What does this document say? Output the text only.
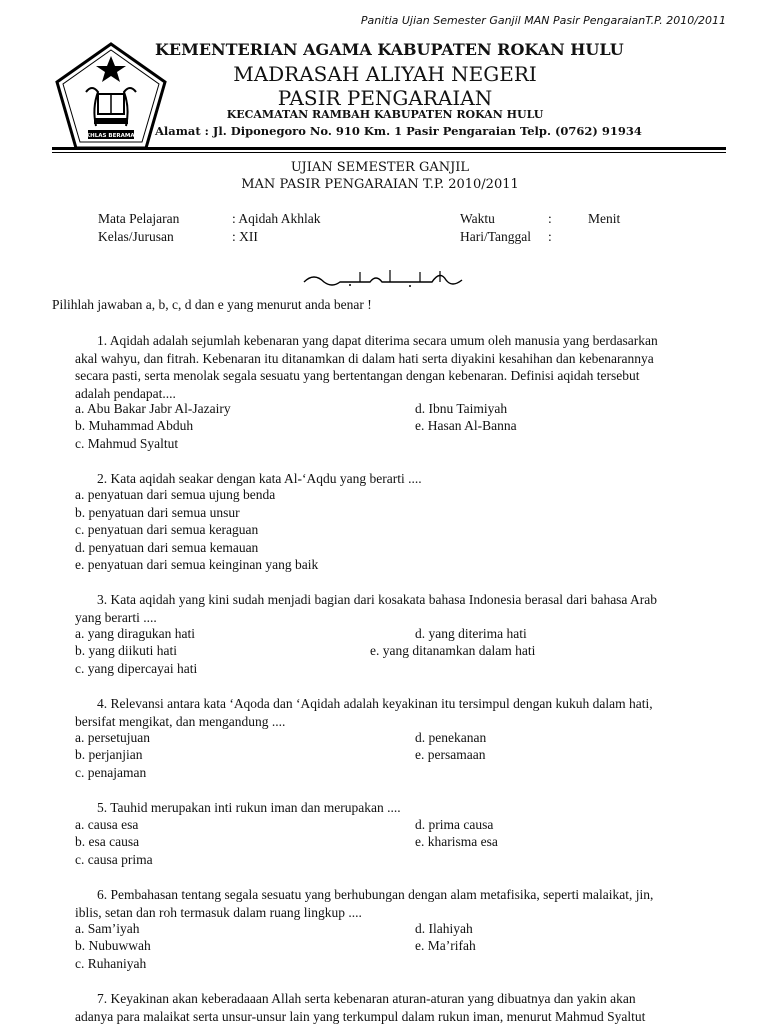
Panitia Ujian Semester Ganjil MAN Pasir PengaraianT.P. 2010/2011
IKHLAS BERAMAL
KEMENTERIAN AGAMA KABUPATEN ROKAN HULU
MADRASAH ALIYAH NEGERI
PASIR PENGARAIAN
KECAMATAN RAMBAH KABUPATEN ROKAN HULU
Alamat : Jl. Diponegoro No. 910 Km. 1 Pasir Pengaraian Telp. (0762) 91934
UJIAN SEMESTER GANJIL
MAN PASIR PENGARAIAN T.P. 2010/2011
Mata Pelajaran	: Aqidah Akhlak
Kelas/Jurusan	: XII
Waktu	:	Menit
Hari/Tanggal :
Pilihlah jawaban a, b, c, d dan e yang menurut anda benar !
1. Aqidah adalah sejumlah kebenaran yang dapat diterima secara umum oleh manusia yang berdasarkan
akal wahyu, dan fitrah. Kebenaran itu ditanamkan di dalam hati serta diyakini kesahihan dan kebenarannya
secara pasti, serta menolak segala sesuatu yang bertentangan dengan kebenaran. Definisi aqidah tersebut
adalah pendapat....
a. Abu Bakar Jabr Al-Jazairy
b. Muhammad Abduh
c. Mahmud Syaltut
d. Ibnu Taimiyah
e. Hasan Al-Banna
2. Kata aqidah seakar dengan kata Al-‘Aqdu yang berarti ....
a. penyatuan dari semua ujung benda
b. penyatuan dari semua unsur
c. penyatuan dari semua keraguan
d. penyatuan dari semua kemauan
e. penyatuan dari semua keinginan yang baik
3. Kata aqidah yang kini sudah menjadi bagian dari kosakata bahasa Indonesia berasal dari bahasa Arab
yang berarti ....
a. yang diragukan hati
b. yang diikuti hati
c. yang dipercayai hati
d. yang diterima hati
e. yang ditanamkan dalam hati
4. Relevansi antara kata ‘Aqoda dan ‘Aqidah adalah keyakinan itu tersimpul dengan kukuh dalam hati,
bersifat mengikat, dan mengandung ....
a. persetujuan
b. perjanjian
c. penajaman
d. penekanan
e. persamaan
5. Tauhid merupakan inti rukun iman dan merupakan ....
a. causa esa
b. esa causa
c. causa prima
d. prima causa
e. kharisma esa
6. Pembahasan tentang segala sesuatu yang berhubungan dengan alam metafisika, seperti malaikat, jin,
iblis, setan dan roh termasuk dalam ruang lingkup ....
a. Sam’iyah
b. Nubuwwah
c. Ruhaniyah
d. Ilahiyah
e. Ma’rifah
7. Keyakinan akan keberadaaan Allah serta kebenaran aturan-aturan yang dibuatnya dan yakin akan
adanya para malaikat serta unsur-unsur lain yang terkumpul dalam rukun iman, menurut Mahmud Syaltut
